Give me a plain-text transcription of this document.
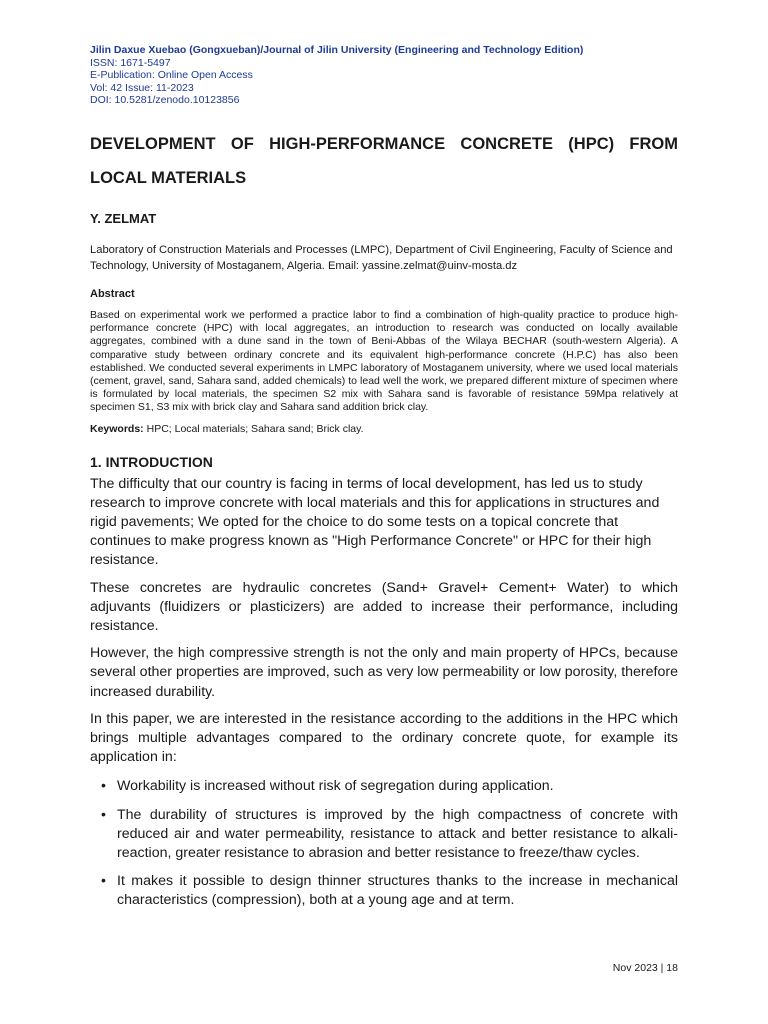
Jilin Daxue Xuebao (Gongxueban)/Journal of Jilin University (Engineering and Technology Edition)
ISSN: 1671-5497
E-Publication: Online Open Access
Vol: 42 Issue: 11-2023
DOI: 10.5281/zenodo.10123856
DEVELOPMENT OF HIGH-PERFORMANCE CONCRETE (HPC) FROM LOCAL MATERIALS
Y. ZELMAT
Laboratory of Construction Materials and Processes (LMPC), Department of Civil Engineering, Faculty of Science and Technology, University of Mostaganem, Algeria. Email: yassine.zelmat@uinv-mosta.dz
Abstract
Based on experimental work we performed a practice labor to find a combination of high-quality practice to produce high-performance concrete (HPC) with local aggregates, an introduction to research was conducted on locally available aggregates, combined with a dune sand in the town of Beni-Abbas of the Wilaya BECHAR (south-western Algeria). A comparative study between ordinary concrete and its equivalent high-performance concrete (H.P.C) has also been established. We conducted several experiments in LMPC laboratory of Mostaganem university, where we used local materials (cement, gravel, sand, Sahara sand, added chemicals) to lead well the work, we prepared different mixture of specimen where is formulated by local materials, the specimen S2 mix with Sahara sand is favorable of resistance 59Mpa relatively at specimen S1, S3 mix with brick clay and Sahara sand addition brick clay.
Keywords: HPC; Local materials; Sahara sand; Brick clay.
1. INTRODUCTION
The difficulty that our country is facing in terms of local development, has led us to study research to improve concrete with local materials and this for applications in structures and rigid pavements; We opted for the choice to do some tests on a topical concrete that continues to make progress known as "High Performance Concrete" or HPC for their high resistance.
These concretes are hydraulic concretes (Sand+ Gravel+ Cement+ Water) to which adjuvants (fluidizers or plasticizers) are added to increase their performance, including resistance.
However, the high compressive strength is not the only and main property of HPCs, because several other properties are improved, such as very low permeability or low porosity, therefore increased durability.
In this paper, we are interested in the resistance according to the additions in the HPC which brings multiple advantages compared to the ordinary concrete quote, for example its application in:
• Workability is increased without risk of segregation during application.
• The durability of structures is improved by the high compactness of concrete with reduced air and water permeability, resistance to attack and better resistance to alkali-reaction, greater resistance to abrasion and better resistance to freeze/thaw cycles.
• It makes it possible to design thinner structures thanks to the increase in mechanical characteristics (compression), both at a young age and at term.
Nov 2023 | 18
